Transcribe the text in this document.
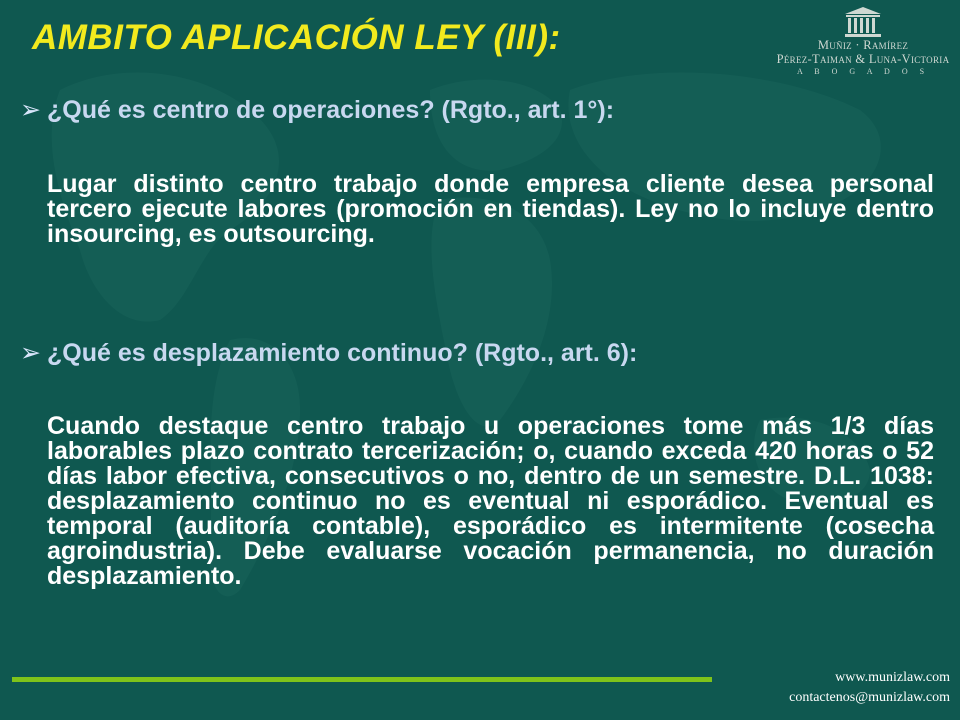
AMBITO APLICACIÓN LEY (III):	Muñiz · Ramírez
Pérez-Taiman & Luna-Victoria
A B O G A D O S
➢ ¿Qué es centro de operaciones? (Rgto., art. 1°):

Lugar distinto centro trabajo donde empresa cliente desea personal tercero ejecute labores (promoción en tiendas). Ley no lo incluye dentro insourcing, es outsourcing.

➢ ¿Qué es desplazamiento continuo? (Rgto., art. 6):

Cuando destaque centro trabajo u operaciones tome más 1/3 días laborables plazo contrato tercerización; o, cuando exceda 420 horas o 52 días labor efectiva, consecutivos o no, dentro de un semestre. D.L. 1038: desplazamiento continuo no es eventual ni esporádico. Eventual es temporal (auditoría contable), esporádico es intermitente (cosecha agroindustria). Debe evaluarse vocación permanencia, no duración desplazamiento.

www.munizlaw.com
contactenos@munizlaw.com
